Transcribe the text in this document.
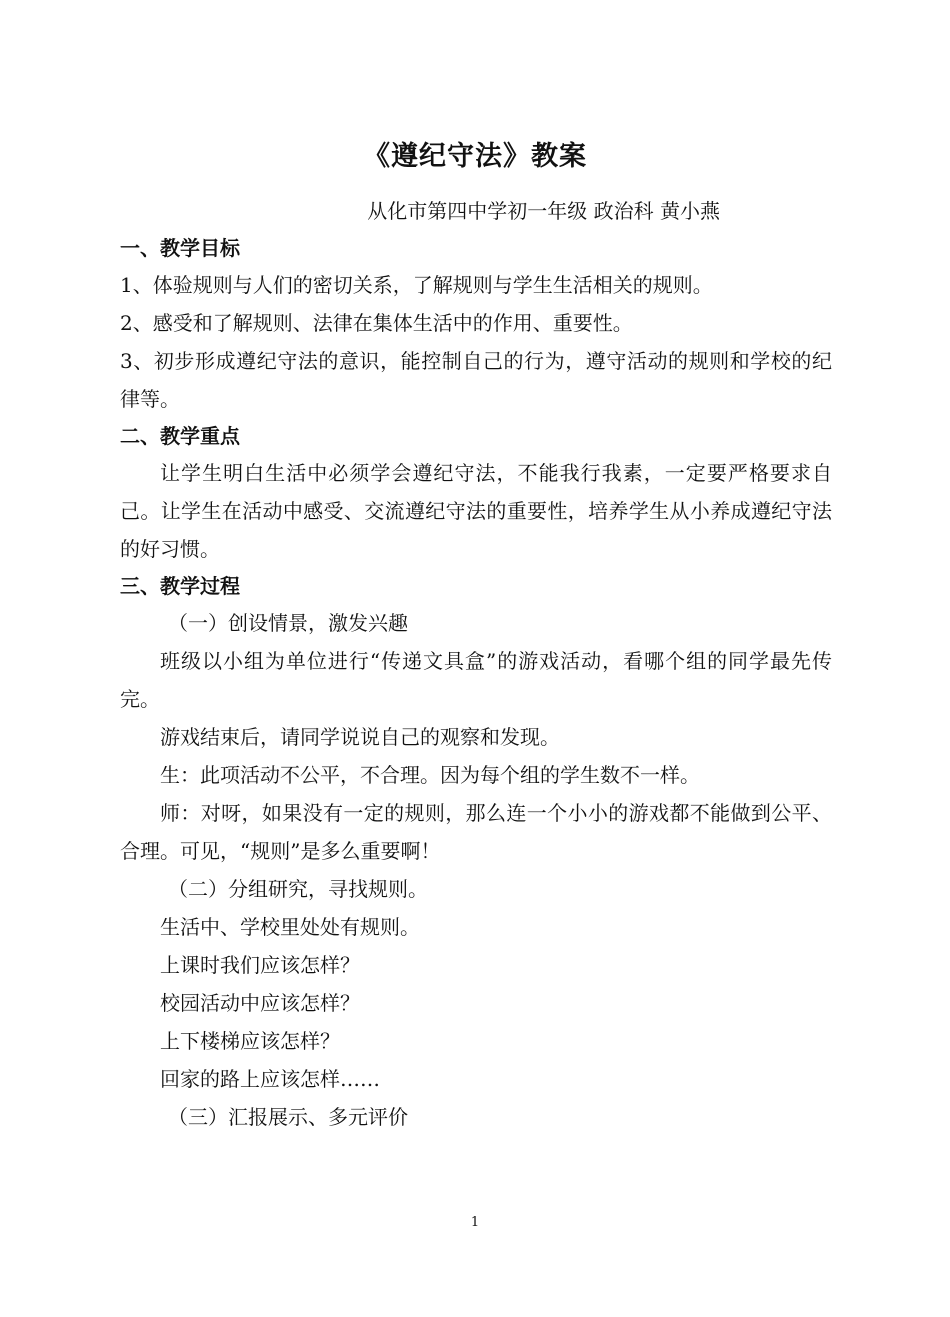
《遵纪守法》教案
从化市第四中学初一年级 政治科 黄小燕

一、教学目标

1、体验规则与人们的密切关系，了解规则与学生生活相关的规则。

2、感受和了解规则、法律在集体生活中的作用、重要性。

3、初步形成遵纪守法的意识，能控制自己的行为，遵守活动的规则和学校的纪律等。

二、教学重点

让学生明白生活中必须学会遵纪守法，不能我行我素，一定要严格要求自己。让学生在活动中感受、交流遵纪守法的重要性，培养学生从小养成遵纪守法的好习惯。

三、教学过程

（一）创设情景，激发兴趣

班级以小组为单位进行“传递文具盒”的游戏活动，看哪个组的同学最先传完。

游戏结束后，请同学说说自己的观察和发现。

生：此项活动不公平，不合理。因为每个组的学生数不一样。

师：对呀，如果没有一定的规则，那么连一个小小的游戏都不能做到公平、合理。可见，“规则”是多么重要啊！

（二）分组研究，寻找规则。

生活中、学校里处处有规则。

上课时我们应该怎样？

校园活动中应该怎样？

上下楼梯应该怎样？

回家的路上应该怎样……

（三）汇报展示、多元评价

1
